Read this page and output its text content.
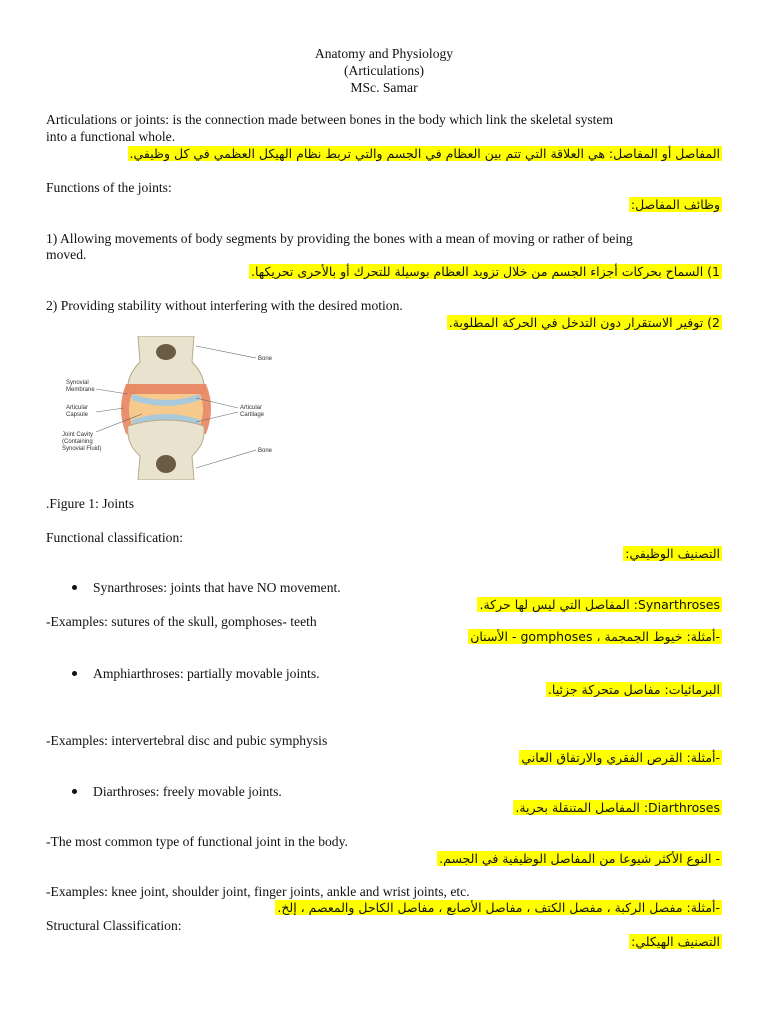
Anatomy and Physiology
(Articulations)
MSc. Samar
Articulations or joints: is the connection made between bones in the body which link the skeletal system
into a functional whole.
المفاصل أو المفاصل: هي العلاقة التي تتم بين العظام في الجسم والتي تربط نظام الهيكل العظمي في كل وظيفي.
Functions of the joints:
وظائف المفاصل:
1) Allowing movements of body segments by providing the bones with a mean of moving or rather of being
moved.
1) السماح بحركات أجزاء الجسم من خلال تزويد العظام بوسيلة للتحرك أو بالأحرى تحريكها.
2) Providing stability without interfering with the desired motion.
2) توفير الاستقرار دون التدخل في الحركة المطلوبة.
Bone
Synovial
Membrane
Articular
Capsule
Joint Cavity
(Containing
Synovial Fluid)
Articular
Cartilage
Bone
.Figure 1: Joints
Functional classification:
التصنيف الوظيفي:
Synarthroses: joints that have NO movement.
Synarthroses: المفاصل التي ليس لها حركة.
-Examples: sutures of the skull, gomphoses- teeth
-أمثلة: خيوط الجمجمة ، gomphoses - الأسنان
Amphiarthroses: partially movable joints.
البرمائيات: مفاصل متحركة جزئيا.
-Examples: intervertebral disc and pubic symphysis
-أمثلة: القرص الفقري والارتفاق العاني
Diarthroses: freely movable joints.
Diarthroses: المفاصل المتنقلة بحرية.
-The most common type of functional joint in the body.
- النوع الأكثر شيوعا من المفاصل الوظيفية في الجسم.
-Examples: knee joint, shoulder joint, finger joints, ankle and wrist joints, etc.
-أمثلة: مفصل الركبة ، مفصل الكتف ، مفاصل الأصابع ، مفاصل الكاحل والمعصم ، إلخ.
Structural Classification:
التصنيف الهيكلي:
